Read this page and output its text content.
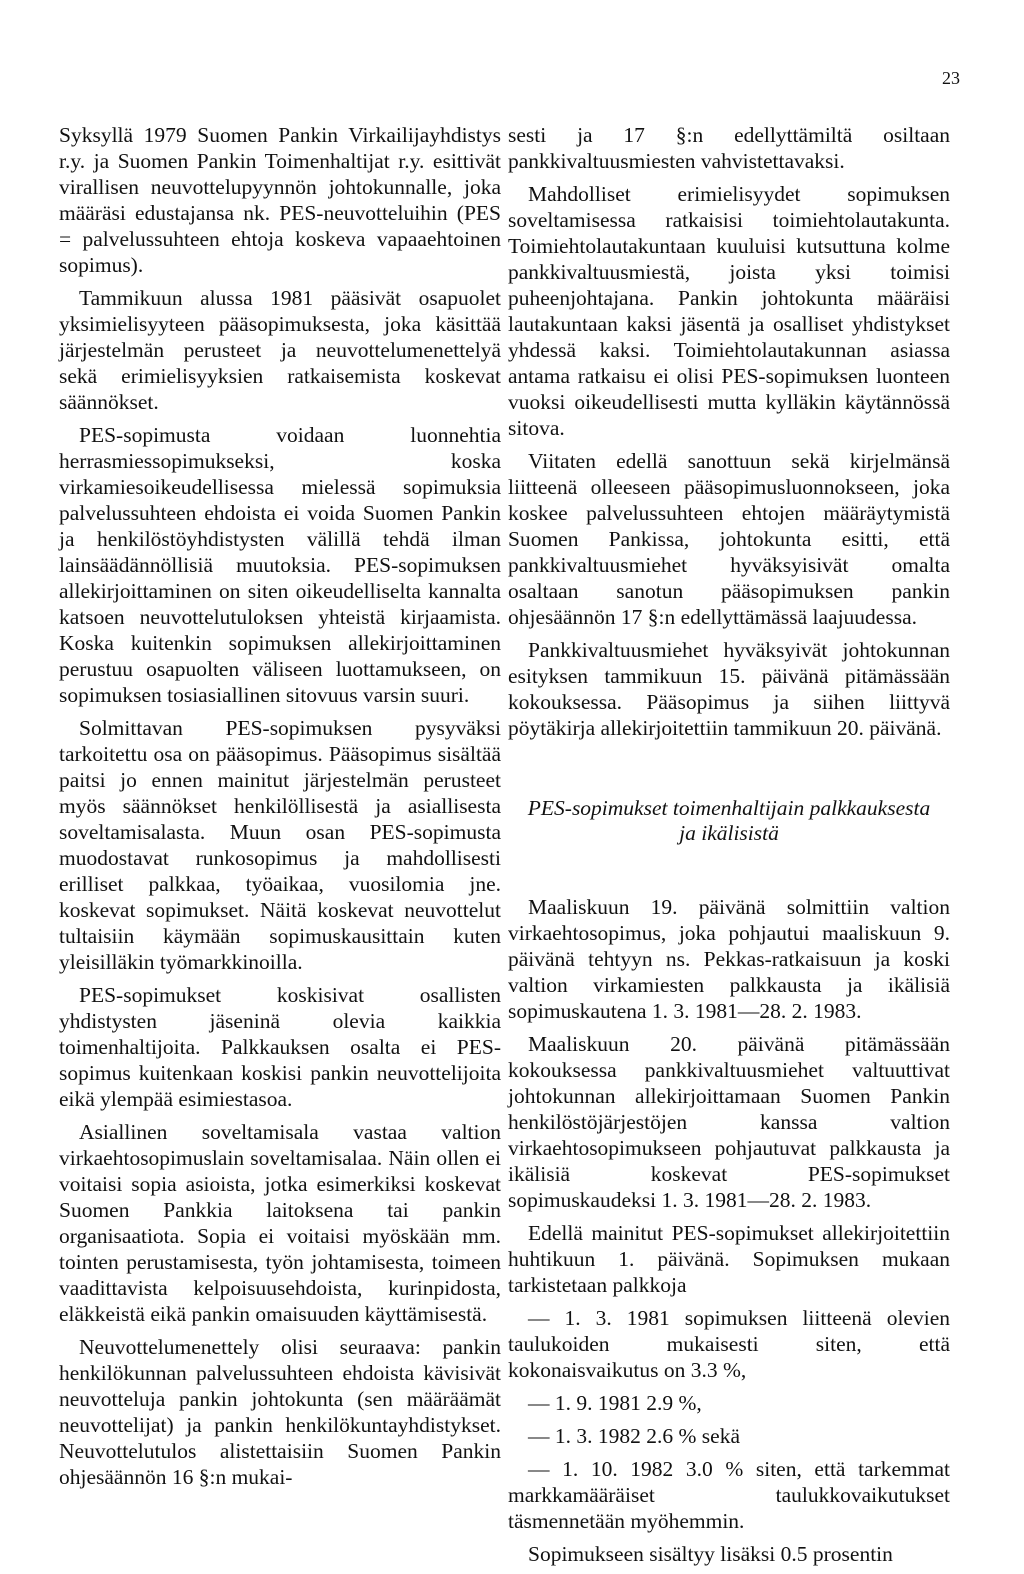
23

Syksyllä 1979 Suomen Pankin Virkailijayhdistys r.y. ja Suomen Pankin Toimenhaltijat r.y. esittivät virallisen neuvottelupyynnön johtokunnalle, joka määräsi edustajansa nk. PES-neuvotteluihin (PES = palvelussuhteen ehtoja koskeva vapaaehtoinen sopimus).

Tammikuun alussa 1981 pääsivät osapuolet yksimielisyyteen pääsopimuksesta, joka käsittää järjestelmän perusteet ja neuvottelumenettelyä sekä erimielisyyksien ratkaisemista koskevat säännökset.

PES-sopimusta voidaan luonnehtia herrasmiessopimukseksi, koska virkamiesoikeudellisessa mielessä sopimuksia palvelussuhteen ehdoista ei voida Suomen Pankin ja henkilöstöyhdistysten välillä tehdä ilman lainsäädännöllisiä muutoksia. PES-sopimuksen allekirjoittaminen on siten oikeudelliselta kannalta katsoen neuvottelutuloksen yhteistä kirjaamista. Koska kuitenkin sopimuksen allekirjoittaminen perustuu osapuolten väliseen luottamukseen, on sopimuksen tosiasiallinen sitovuus varsin suuri.

Solmittavan PES-sopimuksen pysyväksi tarkoitettu osa on pääsopimus. Pääsopimus sisältää paitsi jo ennen mainitut järjestelmän perusteet myös säännökset henkilöllisestä ja asiallisesta soveltamisalasta. Muun osan PES-sopimusta muodostavat runkosopimus ja mahdollisesti erilliset palkkaa, työaikaa, vuosilomia jne. koskevat sopimukset. Näitä koskevat neuvottelut tultaisiin käymään sopimuskausittain kuten yleisilläkin työmarkkinoilla.

PES-sopimukset koskisivat osallisten yhdistysten jäseninä olevia kaikkia toimenhaltijoita. Palkkauksen osalta ei PES-sopimus kuitenkaan koskisi pankin neuvottelijoita eikä ylempää esimiestasoa.

Asiallinen soveltamisala vastaa valtion virkaehtosopimuslain soveltamisalaa. Näin ollen ei voitaisi sopia asioista, jotka esimerkiksi koskevat Suomen Pankkia laitoksena tai pankin organisaatiota. Sopia ei voitaisi myöskään mm. tointen perustamisesta, työn johtamisesta, toimeen vaadittavista kelpoisuusehdoista, kurinpidosta, eläkkeistä eikä pankin omaisuuden käyttämisestä.

Neuvottelumenettely olisi seuraava: pankin henkilökunnan palvelussuhteen ehdoista kävisivät neuvotteluja pankin johtokunta (sen määräämät neuvottelijat) ja pankin henkilökuntayhdistykset. Neuvottelutulos alistettaisiin Suomen Pankin ohjesäännön 16 §:n mukai-

sesti ja 17 §:n edellyttämiltä osiltaan pankkivaltuusmiesten vahvistettavaksi.

Mahdolliset erimielisyydet sopimuksen soveltamisessa ratkaisisi toimiehtolautakunta. Toimiehtolautakuntaan kuuluisi kutsuttuna kolme pankkivaltuusmiestä, joista yksi toimisi puheenjohtajana. Pankin johtokunta määräisi lautakuntaan kaksi jäsentä ja osalliset yhdistykset yhdessä kaksi. Toimiehtolautakunnan asiassa antama ratkaisu ei olisi PES-sopimuksen luonteen vuoksi oikeudellisesti mutta kylläkin käytännössä sitova.

Viitaten edellä sanottuun sekä kirjelmänsä liitteenä olleeseen pääsopimusluonnokseen, joka koskee palvelussuhteen ehtojen määräytymistä Suomen Pankissa, johtokunta esitti, että pankkivaltuusmiehet hyväksyisivät omalta osaltaan sanotun pääsopimuksen pankin ohjesäännön 17 §:n edellyttämässä laajuudessa.

Pankkivaltuusmiehet hyväksyivät johtokunnan esityksen tammikuun 15. päivänä pitämässään kokouksessa. Pääsopimus ja siihen liittyvä pöytäkirja allekirjoitettiin tammikuun 20. päivänä.

PES-sopimukset toimenhaltijain palkkauksesta
ja ikälisistä

Maaliskuun 19. päivänä solmittiin valtion virkaehtosopimus, joka pohjautui maaliskuun 9. päivänä tehtyyn ns. Pekkas-ratkaisuun ja koski valtion virkamiesten palkkausta ja ikälisiä sopimuskautena 1. 3. 1981—28. 2. 1983.

Maaliskuun 20. päivänä pitämässään kokouksessa pankkivaltuusmiehet valtuuttivat johtokunnan allekirjoittamaan Suomen Pankin henkilöstöjärjestöjen kanssa valtion virkaehtosopimukseen pohjautuvat palkkausta ja ikälisiä koskevat PES-sopimukset sopimuskaudeksi 1. 3. 1981—28. 2. 1983.

Edellä mainitut PES-sopimukset allekirjoitettiin huhtikuun 1. päivänä. Sopimuksen mukaan tarkistetaan palkkoja

— 1. 3. 1981 sopimuksen liitteenä olevien taulukoiden mukaisesti siten, että kokonaisvaikutus on 3.3 %,

— 1. 9. 1981 2.9 %,

— 1. 3. 1982 2.6 % sekä

— 1. 10. 1982 3.0 % siten, että tarkemmat markkamääräiset taulukkovaikutukset täsmennetään myöhemmin.

Sopimukseen sisältyy lisäksi 0.5 prosentin
